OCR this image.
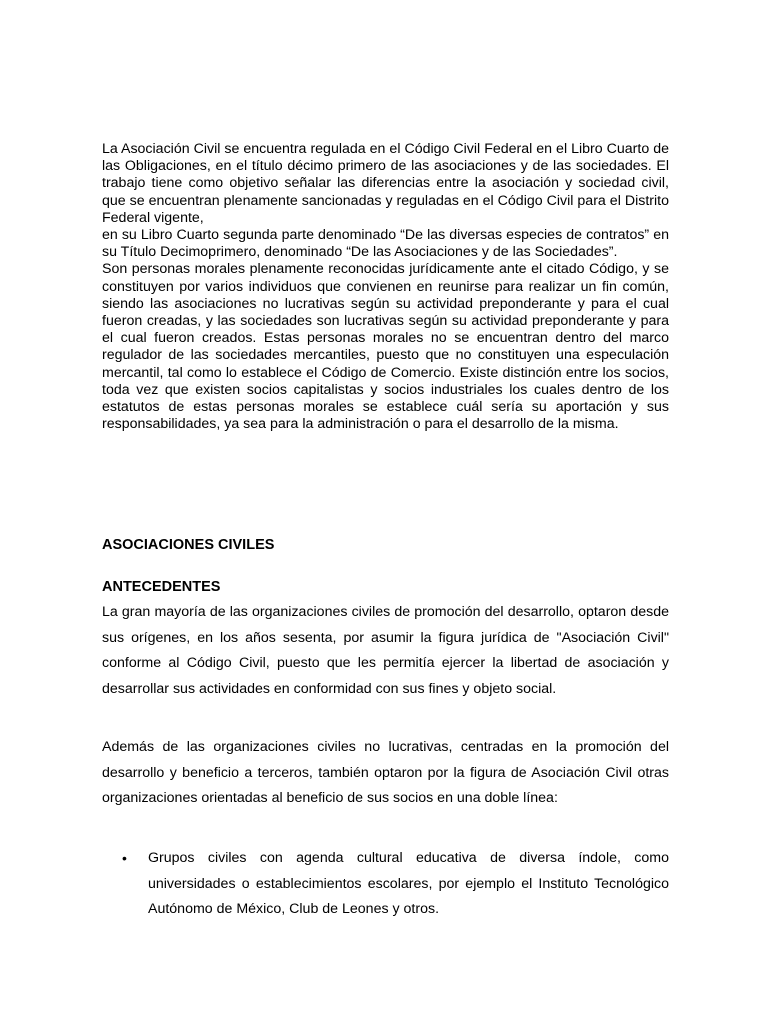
La Asociación Civil se encuentra regulada en el Código Civil Federal en el Libro Cuarto de las Obligaciones, en el título décimo primero de las asociaciones y de las sociedades. El trabajo tiene como objetivo señalar las diferencias entre la asociación y sociedad civil, que se encuentran plenamente sancionadas y reguladas en el Código Civil para el Distrito Federal vigente,

en su Libro Cuarto segunda parte denominado “De las diversas especies de contratos” en su Título Decimoprimero, denominado “De las Asociaciones y de las Sociedades”.

Son personas morales plenamente reconocidas jurídicamente ante el citado Código, y se constituyen por varios individuos que convienen en reunirse para realizar un fin común, siendo las asociaciones no lucrativas según su actividad preponderante y para el cual fueron creadas, y las sociedades son lucrativas según su actividad preponderante y para el cual fueron creados. Estas personas morales no se encuentran dentro del marco regulador de las sociedades mercantiles, puesto que no constituyen una especulación mercantil, tal como lo establece el Código de Comercio. Existe distinción entre los socios, toda vez que existen socios capitalistas y socios industriales los cuales dentro de los estatutos de estas personas morales se establece cuál sería su aportación y sus responsabilidades, ya sea para la administración o para el desarrollo de la misma.

ASOCIACIONES CIVILES
ANTECEDENTES

La gran mayoría de las organizaciones civiles de promoción del desarrollo, optaron desde sus orígenes, en los años sesenta, por asumir la figura jurídica de "Asociación Civil" conforme al Código Civil, puesto que les permitía ejercer la libertad de asociación y desarrollar sus actividades en conformidad con sus fines y objeto social.

Además de las organizaciones civiles no lucrativas, centradas en la promoción del desarrollo y beneficio a terceros, también optaron por la figura de Asociación Civil otras organizaciones orientadas al beneficio de sus socios en una doble línea:

• Grupos civiles con agenda cultural educativa de diversa índole, como universidades o establecimientos escolares, por ejemplo el Instituto Tecnológico Autónomo de México, Club de Leones y otros.
